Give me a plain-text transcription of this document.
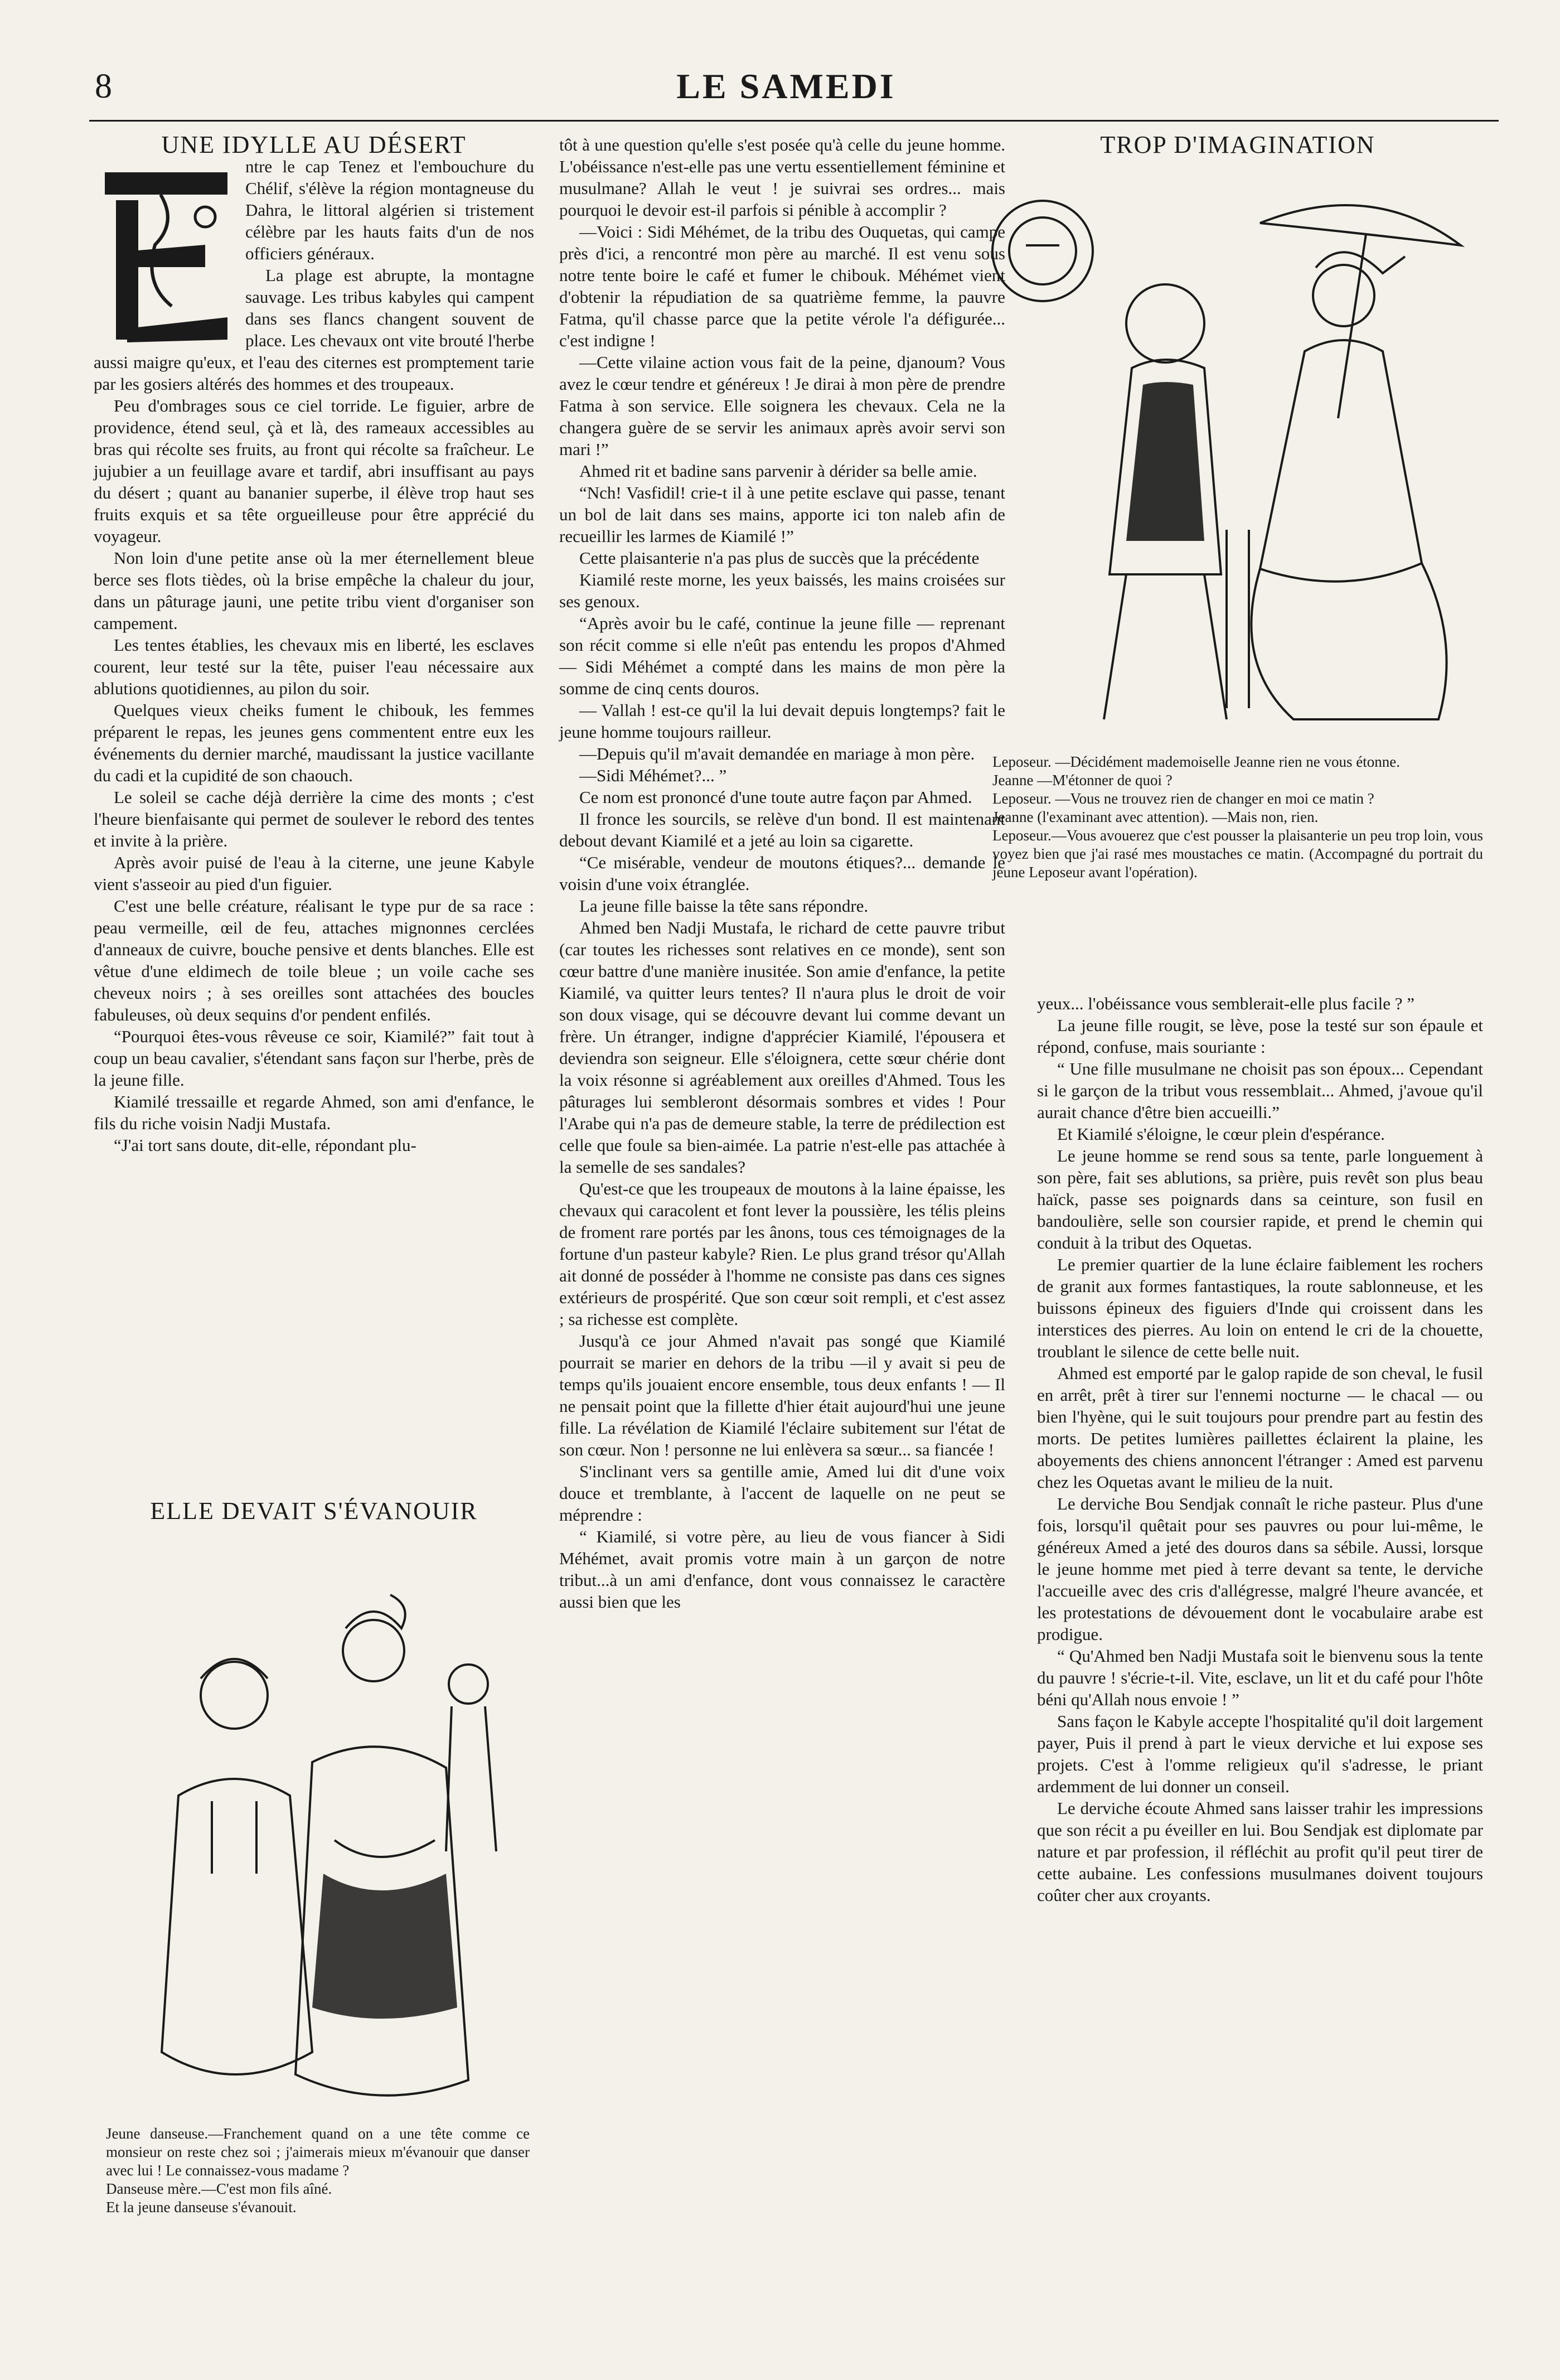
8	LE SAMEDI

UNE IDYLLE AU DÉSERT

ntre le cap Tenez et l'embouchure du Chélif, s'élève la région montagneuse du Dahra, le littoral algérien si tristement célèbre par les hauts faits d'un de nos officiers généraux.

La plage est abrupte, la montagne sauvage. Les tribus kabyles qui campent dans ses flancs changent souvent de place. Les chevaux ont vite brouté l'herbe aussi maigre qu'eux, et l'eau des citernes est promptement tarie par les gosiers altérés des hommes et des troupeaux.

Peu d'ombrages sous ce ciel torride. Le figuier, arbre de providence, étend seul, çà et là, des rameaux accessibles au bras qui récolte ses fruits, au front qui récolte sa fraîcheur. Le jujubier a un feuillage avare et tardif, abri insuffisant au pays du désert ; quant au bananier superbe, il élève trop haut ses fruits exquis et sa tête orgueilleuse pour être apprécié du voyageur.

Non loin d'une petite anse où la mer éternellement bleue berce ses flots tièdes, où la brise empêche la chaleur du jour, dans un pâturage jauni, une petite tribu vient d'organiser son campement.

Les tentes établies, les chevaux mis en liberté, les esclaves courent, leur testé sur la tête, puiser l'eau nécessaire aux ablutions quotidiennes, au pilon du soir.

Quelques vieux cheiks fument le chibouk, les femmes préparent le repas, les jeunes gens commentent entre eux les événements du dernier marché, maudissant la justice vacillante du cadi et la cupidité de son chaouch.

Le soleil se cache déjà derrière la cime des monts ; c'est l'heure bienfaisante qui permet de soulever le rebord des tentes et invite à la prière.

Après avoir puisé de l'eau à la citerne, une jeune Kabyle vient s'asseoir au pied d'un figuier.

C'est une belle créature, réalisant le type pur de sa race : peau vermeille, œil de feu, attaches mignonnes cerclées d'anneaux de cuivre, bouche pensive et dents blanches. Elle est vêtue d'une eldimech de toile bleue ; un voile cache ses cheveux noirs ; à ses oreilles sont attachées des boucles fabuleuses, où deux sequins d'or pendent enfilés.

“Pourquoi êtes-vous rêveuse ce soir, Kiamilé?” fait tout à coup un beau cavalier, s'étendant sans façon sur l'herbe, près de la jeune fille.

Kiamilé tressaille et regarde Ahmed, son ami d'enfance, le fils du riche voisin Nadji Mustafa.

“J'ai tort sans doute, dit-elle, répondant plu-

ELLE DEVAIT S'ÉVANOUIR

Jeune danseuse.—Franchement quand on a une tête comme ce monsieur on reste chez soi ; j'aimerais mieux m'évanouir que danser avec lui ! Le connaissez-vous madame ?

Danseuse mère.—C'est mon fils aîné.

Et la jeune danseuse s'évanouit.

tôt à une question qu'elle s'est posée qu'à celle du jeune homme. L'obéissance n'est-elle pas une vertu essentiellement féminine et musulmane? Allah le veut ! je suivrai ses ordres... mais pourquoi le devoir est-il parfois si pénible à accomplir ?

—Voici : Sidi Méhémet, de la tribu des Ouquetas, qui campe près d'ici, a rencontré mon père au marché. Il est venu sous notre tente boire le café et fumer le chibouk. Méhémet vient d'obtenir la répudiation de sa quatrième femme, la pauvre Fatma, qu'il chasse parce que la petite vérole l'a défigurée... c'est indigne !

—Cette vilaine action vous fait de la peine, djanoum? Vous avez le cœur tendre et généreux ! Je dirai à mon père de prendre Fatma à son service. Elle soignera les chevaux. Cela ne la changera guère de se servir les animaux après avoir servi son mari !”

Ahmed rit et badine sans parvenir à dérider sa belle amie.

“Nch! Vasfidil! crie-t il à une petite esclave qui passe, tenant un bol de lait dans ses mains, apporte ici ton naleb afin de recueillir les larmes de Kiamilé !”

Cette plaisanterie n'a pas plus de succès que la précédente

Kiamilé reste morne, les yeux baissés, les mains croisées sur ses genoux.

“Après avoir bu le café, continue la jeune fille — reprenant son récit comme si elle n'eût pas entendu les propos d'Ahmed — Sidi Méhémet a compté dans les mains de mon père la somme de cinq cents douros.

— Vallah ! est-ce qu'il la lui devait depuis longtemps? fait le jeune homme toujours railleur.

—Depuis qu'il m'avait demandée en mariage à mon père.

—Sidi Méhémet?... ”

Ce nom est prononcé d'une toute autre façon par Ahmed.

Il fronce les sourcils, se relève d'un bond. Il est maintenant debout devant Kiamilé et a jeté au loin sa cigarette.

“Ce misérable, vendeur de moutons étiques?... demande le voisin d'une voix étranglée.

La jeune fille baisse la tête sans répondre.

Ahmed ben Nadji Mustafa, le richard de cette pauvre tribut (car toutes les richesses sont relatives en ce monde), sent son cœur battre d'une manière inusitée. Son amie d'enfance, la petite Kiamilé, va quitter leurs tentes? Il n'aura plus le droit de voir son doux visage, qui se découvre devant lui comme devant un frère. Un étranger, indigne d'apprécier Kiamilé, l'épousera et deviendra son seigneur. Elle s'éloignera, cette sœur chérie dont la voix résonne si agréablement aux oreilles d'Ahmed. Tous les pâturages lui sembleront désormais sombres et vides ! Pour l'Arabe qui n'a pas de demeure stable, la terre de prédilection est celle que foule sa bien-aimée. La patrie n'est-elle pas attachée à la semelle de ses sandales?

Qu'est-ce que les troupeaux de moutons à la laine épaisse, les chevaux qui caracolent et font lever la poussière, les télis pleins de froment rare portés par les ânons, tous ces témoignages de la fortune d'un pasteur kabyle? Rien. Le plus grand trésor qu'Allah ait donné de posséder à l'homme ne consiste pas dans ces signes extérieurs de prospérité. Que son cœur soit rempli, et c'est assez ; sa richesse est complète.

Jusqu'à ce jour Ahmed n'avait pas songé que Kiamilé pourrait se marier en dehors de la tribu —il y avait si peu de temps qu'ils jouaient encore ensemble, tous deux enfants ! — Il ne pensait point que la fillette d'hier était aujourd'hui une jeune fille. La révélation de Kiamilé l'éclaire subitement sur l'état de son cœur. Non ! personne ne lui enlèvera sa sœur... sa fiancée !

S'inclinant vers sa gentille amie, Amed lui dit d'une voix douce et tremblante, à l'accent de laquelle on ne peut se méprendre :

“ Kiamilé, si votre père, au lieu de vous fiancer à Sidi Méhémet, avait promis votre main à un garçon de notre tribut...à un ami d'enfance, dont vous connaissez le caractère aussi bien que les

TROP D'IMAGINATION

Leposeur. —Décidément mademoiselle Jeanne rien ne vous étonne.

Jeanne —M'étonner de quoi ?

Leposeur. —Vous ne trouvez rien de changer en moi ce matin ?

Jeanne (l'examinant avec attention). —Mais non, rien.

Leposeur.—Vous avouerez que c'est pousser la plaisanterie un peu trop loin, vous voyez bien que j'ai rasé mes moustaches ce matin. (Accompagné du portrait du jeune Leposeur avant l'opération).

yeux... l'obéissance vous semblerait-elle plus facile ? ”

La jeune fille rougit, se lève, pose la testé sur son épaule et répond, confuse, mais souriante :

“ Une fille musulmane ne choisit pas son époux... Cependant si le garçon de la tribut vous ressemblait... Ahmed, j'avoue qu'il aurait chance d'être bien accueilli.”

Et Kiamilé s'éloigne, le cœur plein d'espérance.

Le jeune homme se rend sous sa tente, parle longuement à son père, fait ses ablutions, sa prière, puis revêt son plus beau haïck, passe ses poignards dans sa ceinture, son fusil en bandoulière, selle son coursier rapide, et prend le chemin qui conduit à la tribut des Oquetas.

Le premier quartier de la lune éclaire faiblement les rochers de granit aux formes fantastiques, la route sablonneuse, et les buissons épineux des figuiers d'Inde qui croissent dans les interstices des pierres. Au loin on entend le cri de la chouette, troublant le silence de cette belle nuit.

Ahmed est emporté par le galop rapide de son cheval, le fusil en arrêt, prêt à tirer sur l'ennemi nocturne — le chacal — ou bien l'hyène, qui le suit toujours pour prendre part au festin des morts. De petites lumières paillettes éclairent la plaine, les aboyements des chiens annoncent l'étranger : Amed est parvenu chez les Oquetas avant le milieu de la nuit.

Le derviche Bou Sendjak connaît le riche pasteur. Plus d'une fois, lorsqu'il quêtait pour ses pauvres ou pour lui-même, le généreux Amed a jeté des douros dans sa sébile. Aussi, lorsque le jeune homme met pied à terre devant sa tente, le derviche l'accueille avec des cris d'allégresse, malgré l'heure avancée, et les protestations de dévouement dont le vocabulaire arabe est prodigue.

“ Qu'Ahmed ben Nadji Mustafa soit le bienvenu sous la tente du pauvre ! s'écrie-t-il. Vite, esclave, un lit et du café pour l'hôte béni qu'Allah nous envoie ! ”

Sans façon le Kabyle accepte l'hospitalité qu'il doit largement payer, Puis il prend à part le vieux derviche et lui expose ses projets. C'est à l'omme religieux qu'il s'adresse, le priant ardemment de lui donner un conseil.

Le derviche écoute Ahmed sans laisser trahir les impressions que son récit a pu éveiller en lui. Bou Sendjak est diplomate par nature et par profession, il réfléchit au profit qu'il peut tirer de cette aubaine. Les confessions musulmanes doivent toujours coûter cher aux croyants.
